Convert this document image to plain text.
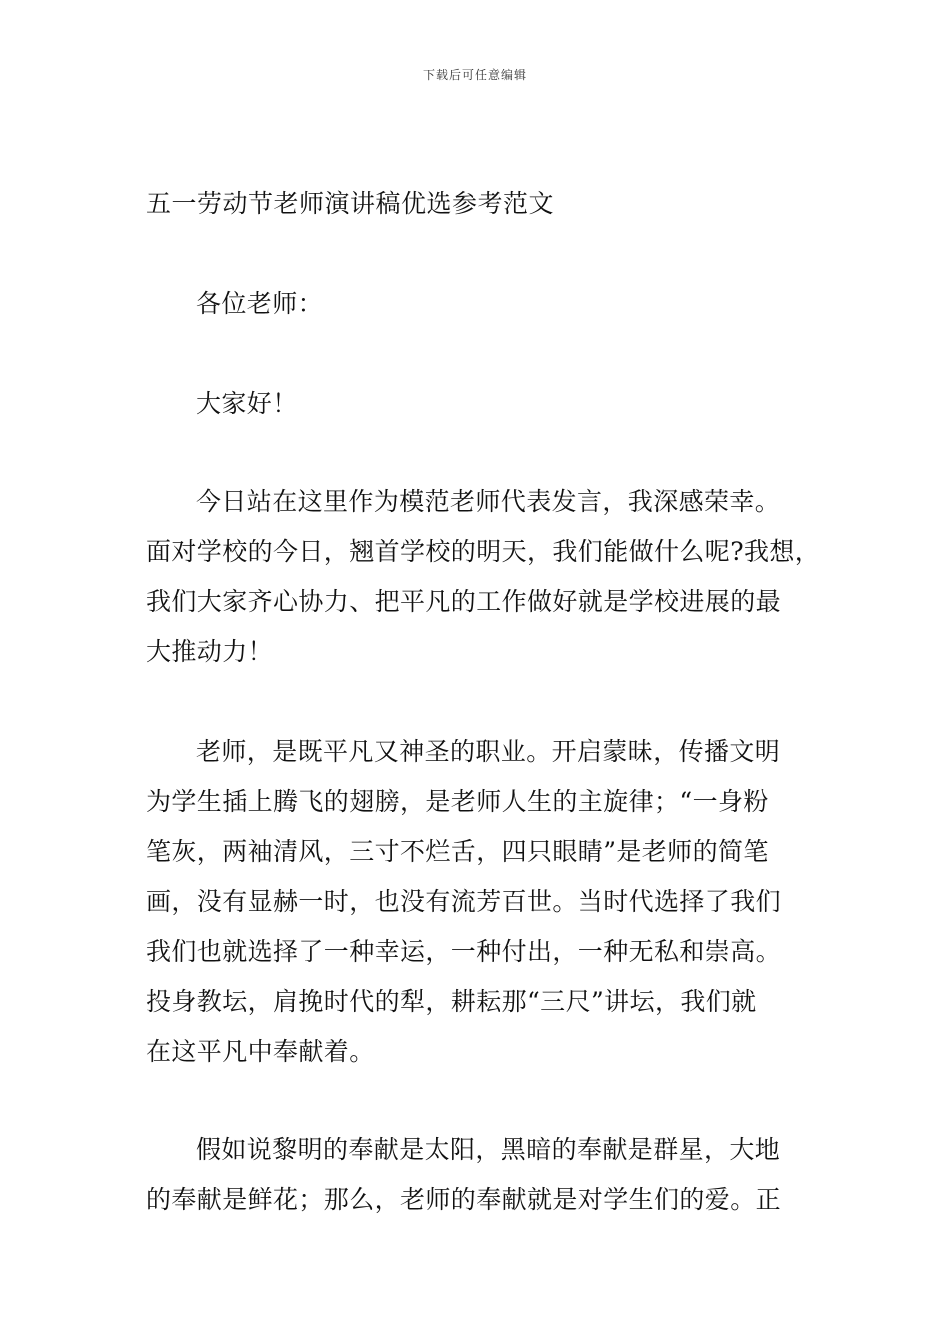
下载后可任意编辑
五一劳动节老师演讲稿优选参考范文
各位老师：
大家好！
今日站在这里作为模范老师代表发言，我深感荣幸。
面对学校的今日，翘首学校的明天，我们能做什么呢?我想，
我们大家齐心协力、把平凡的工作做好就是学校进展的最
大推动力！
老师，是既平凡又神圣的职业。开启蒙昧，传播文明
为学生插上腾飞的翅膀，是老师人生的主旋律；“一身粉
笔灰，两袖清风，三寸不烂舌，四只眼睛”是老师的简笔
画，没有显赫一时，也没有流芳百世。当时代选择了我们
我们也就选择了一种幸运，一种付出，一种无私和崇高。
投身教坛，肩挽时代的犁，耕耘那“三尺”讲坛，我们就
在这平凡中奉献着。
假如说黎明的奉献是太阳，黑暗的奉献是群星，大地
的奉献是鲜花；那么，老师的奉献就是对学生们的爱。正
